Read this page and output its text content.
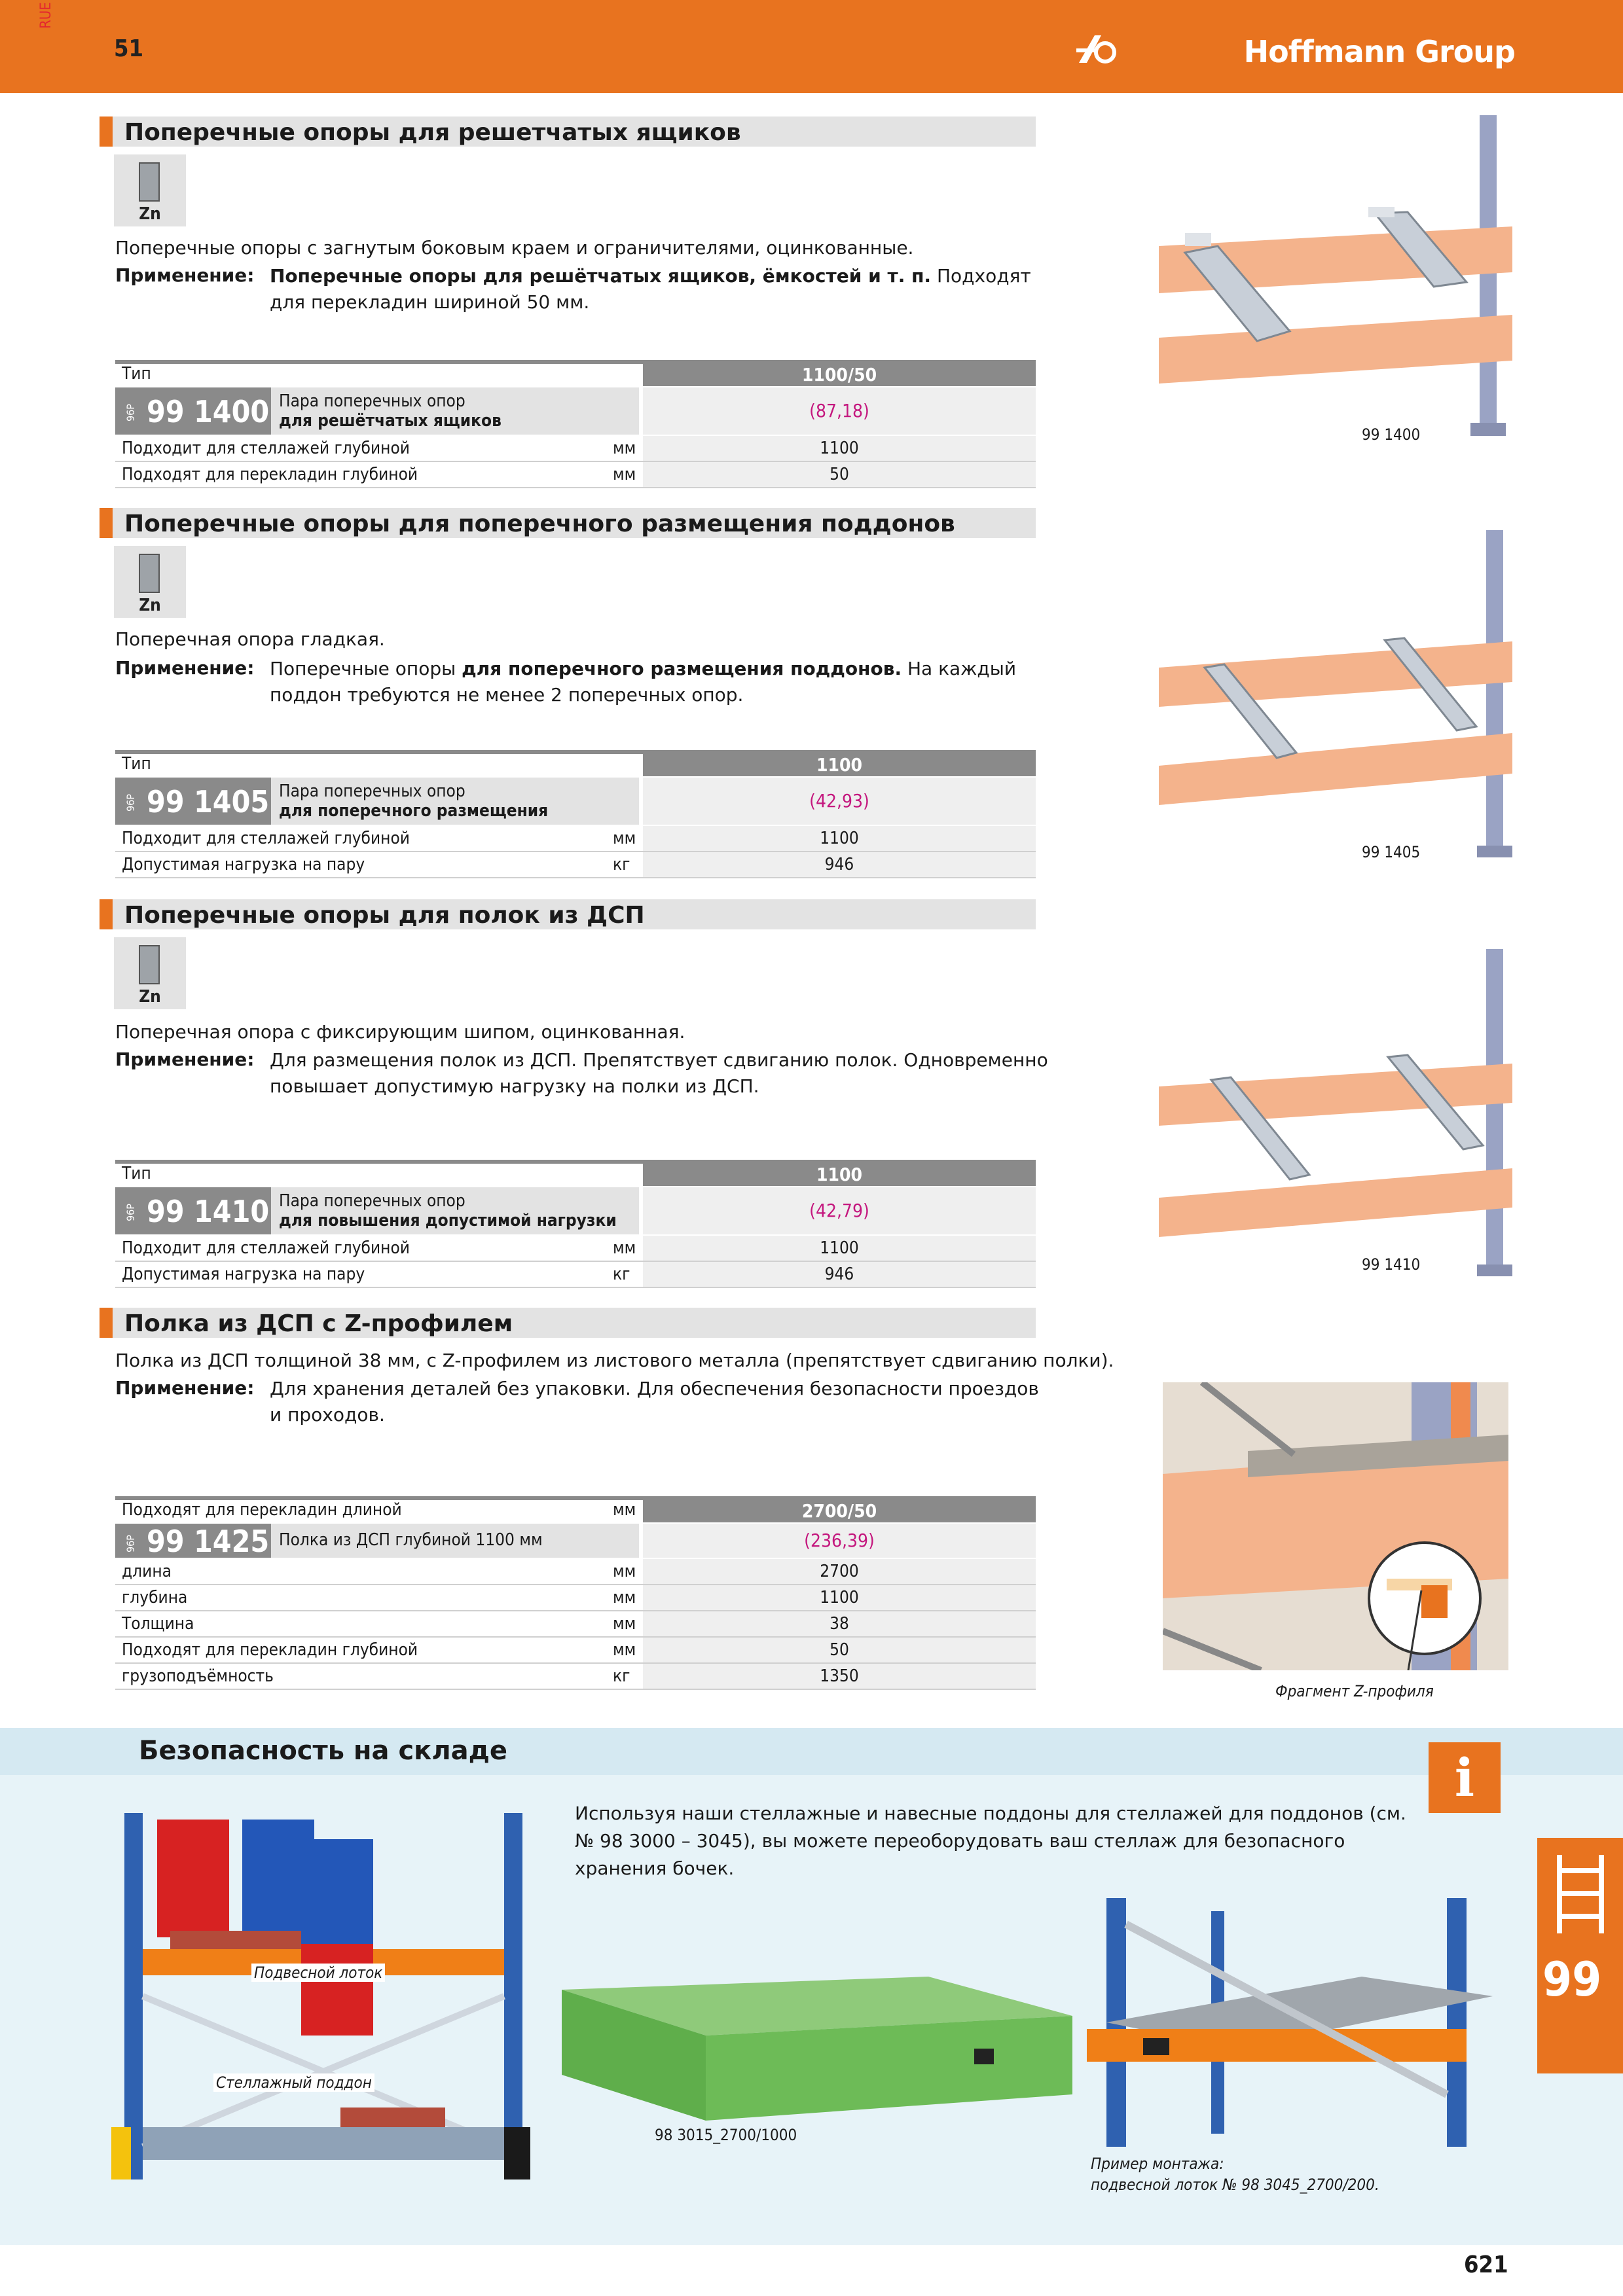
RUE
51	Hoffmann Group
Поперечные опоры для решетчатых ящиков
Zn
Поперечные опоры с загнутым боковым краем и ограничителями, оцинкованные.
Применение: Поперечные опоры для решётчатых ящиков, ёмкостей и т. п. Подходят для перекладин шириной 50 мм.
Тип	1100/50
96P 99 1400 Пара поперечных опор
для решётчатых ящиков	(87,18)
Подходит для стеллажей глубиной	мм	1100
Подходят для перекладин глубиной	мм	50
99 1400
Поперечные опоры для поперечного размещения поддонов
Zn
Поперечная опора гладкая.
Применение: Поперечные опоры для поперечного размещения поддонов. На каждый поддон требуются не менее 2 поперечных опор.
Тип	1100
96P 99 1405 Пара поперечных опор
для поперечного размещения	(42,93)
Подходит для стеллажей глубиной	мм	1100
Допустимая нагрузка на пару	кг	946
99 1405
Поперечные опоры для полок из ДСП
Zn
Поперечная опора с фиксирующим шипом, оцинкованная.
Применение: Для размещения полок из ДСП. Препятствует сдвиганию полок. Одновременно повышает допустимую нагрузку на полки из ДСП.
Тип	1100
96P 99 1410 Пара поперечных опор
для повышения допустимой нагрузки	(42,79)
Подходит для стеллажей глубиной	мм	1100
Допустимая нагрузка на пару	кг	946	99 1410
Полка из ДСП с Z-профилем
Полка из ДСП толщиной 38 мм, с Z-профилем из листового металла (препятствует сдвиганию полки).
Применение: Для хранения деталей без упаковки. Для обеспечения безопасности проездов и проходов.
Подходят для перекладин длиной	мм	2700/50
96P 99 1425 Полка из ДСП глубиной 1100 мм	(236,39)
длина	мм	2700
глубина	мм	1100
Толщина	мм	38
Подходят для перекладин глубиной	мм	50
грузоподъёмность	кг	1350
Фрагмент Z-профиля
Безопасность на складе	i
Используя наши стеллажные и навесные поддоны для стеллажей для поддонов (см. № 98 3000 – 3045), вы можете переоборудовать ваш стеллаж для безопасного хранения бочек.
Подвесной лоток
Стеллажный поддон
98 3015_2700/1000
Пример монтажа:
подвесной лоток № 98 3045_2700/200.
99
621
